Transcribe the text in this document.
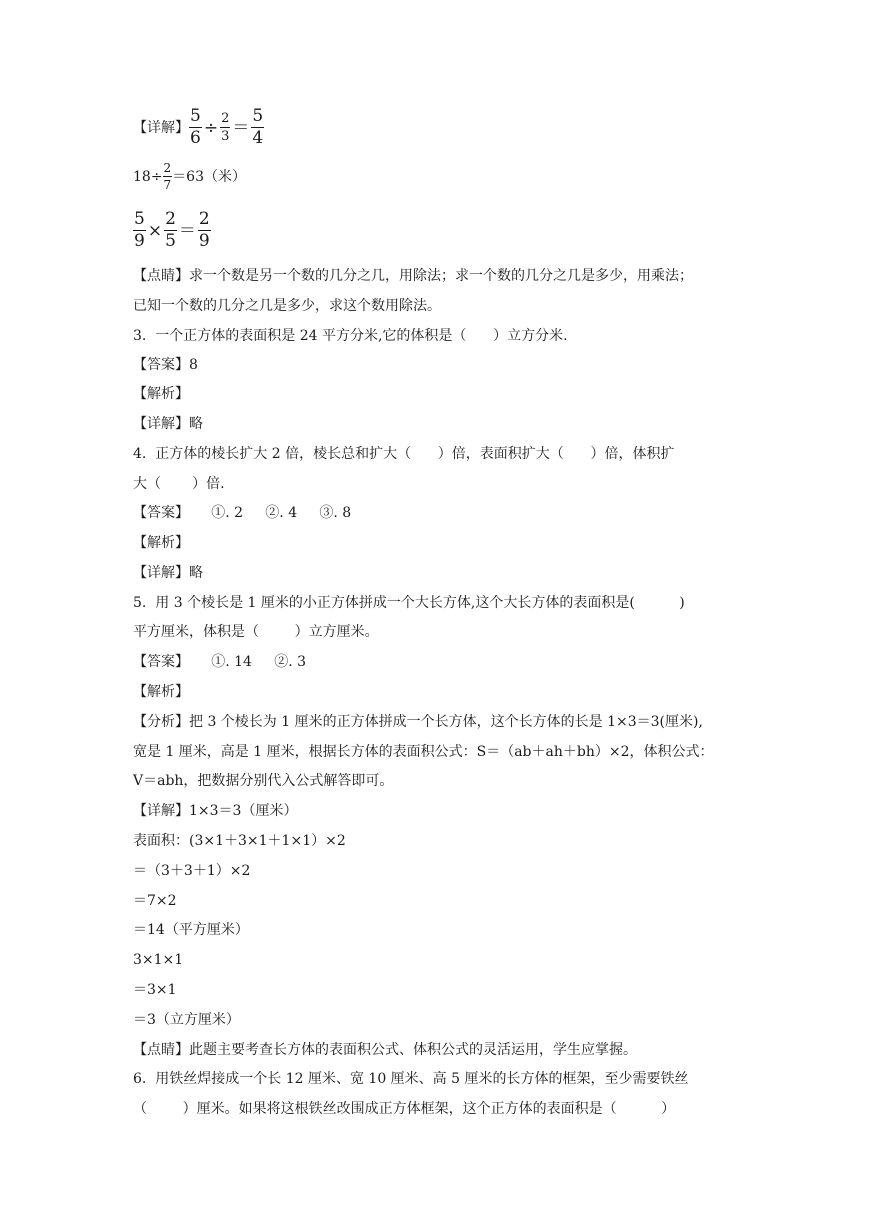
【详解】 $\frac{5}{6} \div \frac{2}{3} = \frac{5}{4}$
$18\div \frac{2}{7} =63$（米）
$\frac{5}{9} \times \frac{2}{5} = \frac{2}{9}$
【点睛】求一个数是另一个数的几分之几，用除法；求一个数的几分之几是多少，用乘法；
已知一个数的几分之几是多少，求这个数用除法。
3.  一个正方体的表面积是 24 平方分米,它的体积是（      ）立方分米.
【答案】8
【解析】
【详解】略
4.  正方体的棱长扩大 2 倍，棱长总和扩大（      ）倍，表面积扩大（      ）倍，体积扩
大（       ）倍.
【答案】     ①. 2     ②. 4     ③. 8
【解析】
【详解】略
5.  用 3 个棱长是 1 厘米的小正方体拼成一个大长方体,这个大长方体的表面积是(          )
平方厘米，体积是（        ）立方厘米。
【答案】     ①. 14     ②. 3
【解析】
【分析】把 3 个棱长为 1 厘米的正方体拼成一个长方体，这个长方体的长是 1×3＝3(厘米),
宽是 1 厘米，高是 1 厘米，根据长方体的表面积公式：S＝（ab＋ah＋bh）×2，体积公式：
V＝abh，把数据分别代入公式解答即可。
【详解】1×3＝3（厘米）
表面积：(3×1＋3×1＋1×1）×2
＝（3＋3＋1）×2
＝7×2
＝14（平方厘米）
3×1×1
＝3×1
＝3（立方厘米）
【点睛】此题主要考查长方体的表面积公式、体积公式的灵活运用，学生应掌握。
6.  用铁丝焊接成一个长 12 厘米、宽 10 厘米、高 5 厘米的长方体的框架，至少需要铁丝
（        ）厘米。如果将这根铁丝改围成正方体框架，这个正方体的表面积是（          ）
